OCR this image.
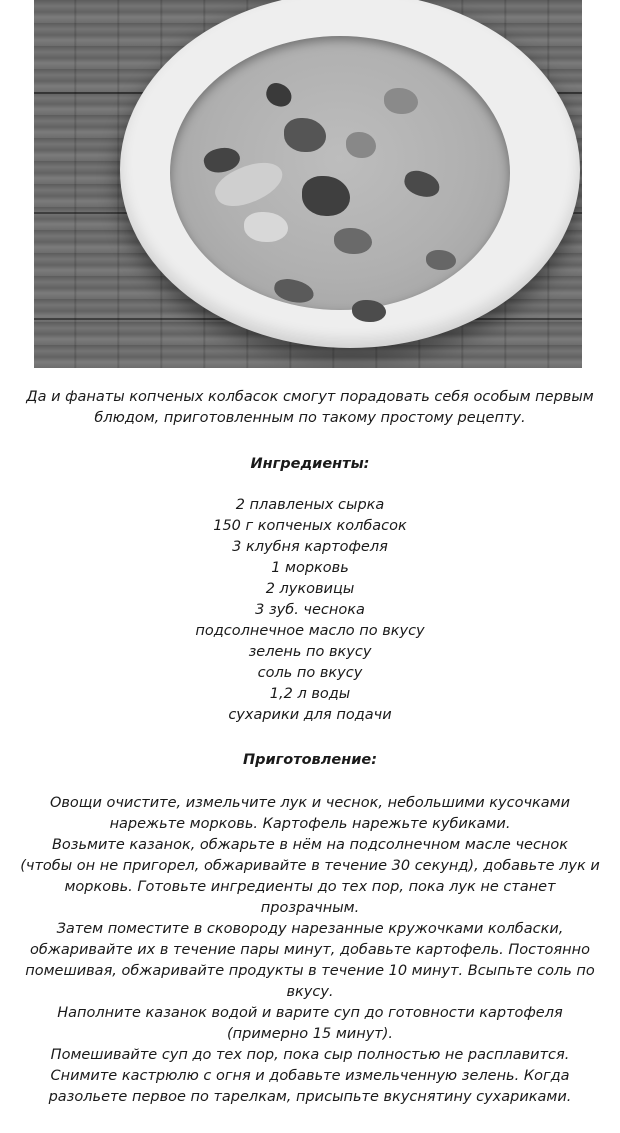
Да и фанаты копченых колбасок смогут порадовать себя особым первым
блюдом, приготовленным по такому простому рецепту.
Ингредиенты:
2 плавленых сырка
150 г копченых колбасок
3 клубня картофеля
1 морковь
2 луковицы
3 зуб. чеснока
подсолнечное масло по вкусу
зелень по вкусу
соль по вкусу
1,2 л воды
сухарики для подачи
Приготовление:
Овощи очистите, измельчите лук и чеснок, небольшими кусочками
нарежьте морковь. Картофель нарежьте кубиками.
Возьмите казанок, обжарьте в нём на подсолнечном масле чеснок
(чтобы он не пригорел, обжаривайте в течение 30 секунд), добавьте лук и
морковь. Готовьте ингредиенты до тех пор, пока лук не станет
прозрачным.
Затем поместите в сковороду нарезанные кружочками колбаски,
обжаривайте их в течение пары минут, добавьте картофель. Постоянно
помешивая, обжаривайте продукты в течение 10 минут. Всыпьте соль по
вкусу.
Наполните казанок водой и варите суп до готовности картофеля
(примерно 15 минут).
Помешивайте суп до тех пор, пока сыр полностью не расплавится.
Снимите кастрюлю с огня и добавьте измельченную зелень. Когда
разольете первое по тарелкам, присыпьте вкуснятину сухариками.
